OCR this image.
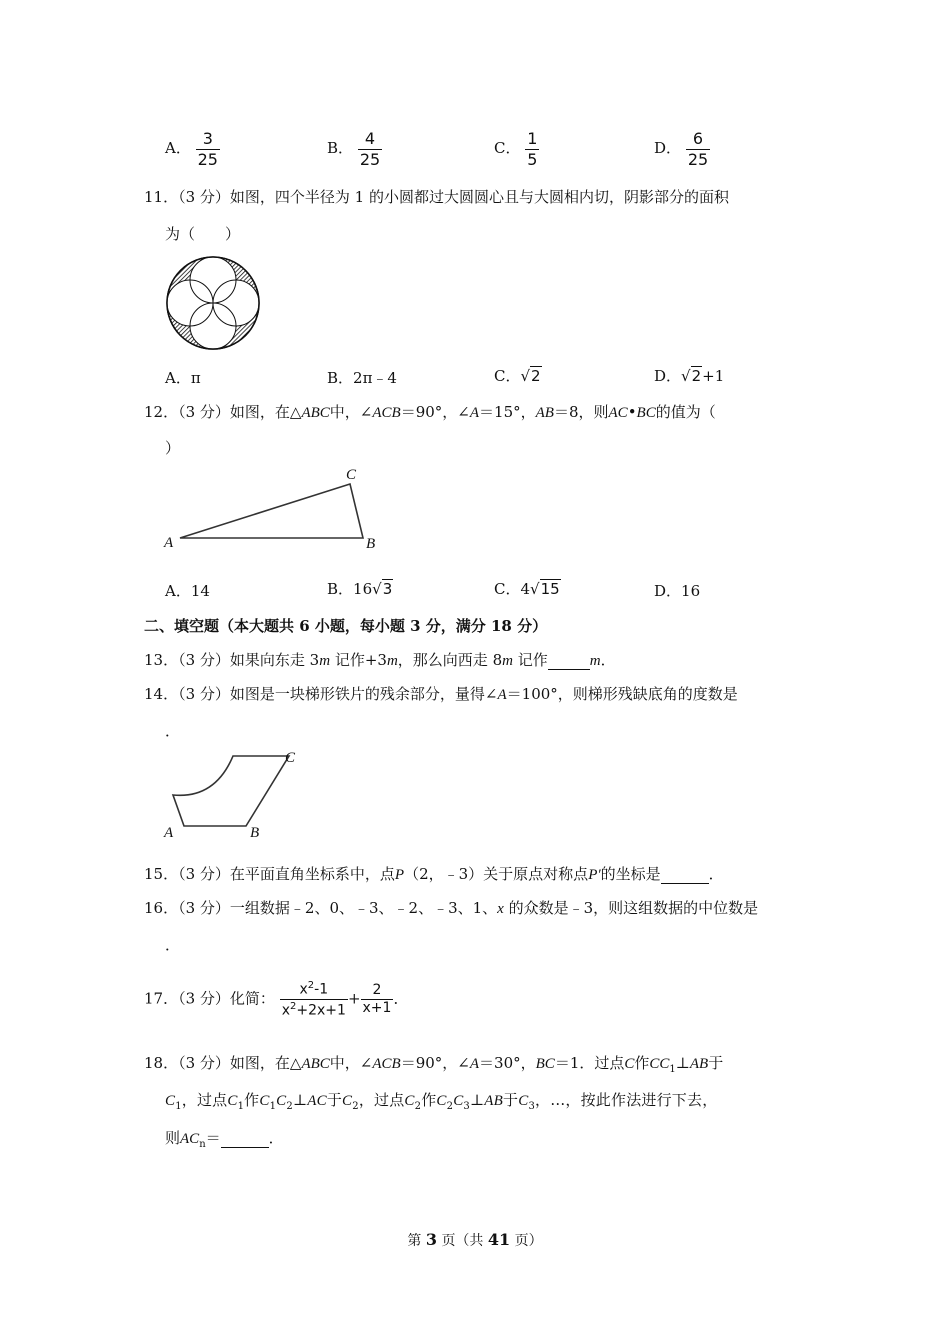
A． $\frac{3}{25}$	B． $\frac{4}{25}$	C． $\frac{1}{5}$	D． $\frac{6}{25}$
11．（3 分）如图，四个半径为 1 的小圆都过大圆圆心且与大圆相内切，阴影部分的面积
为（　　）
A．π	B．2π﹣4	C．√2	D．√2+1
12．（3 分）如图，在△ABC中，∠ACB＝90°，∠A＝15°，AB＝8，则AC•BC的值为（
）
A	B
C
A．14	B．16√3	C．4√15	D．16
二、填空题（本大题共 6 小题，每小题 3 分，满分 18 分）
13．（3 分）如果向东走 3m 记作+3m，那么向西走 8m 记作	m．
14．（3 分）如图是一块梯形铁片的残余部分，量得∠A＝100°，则梯形残缺底角的度数是
．
A	B
C
15．（3 分）在平面直角坐标系中，点P（2，﹣3）关于原点对称点P′的坐标是	．
16．（3 分）一组数据﹣2、0、﹣3、﹣2、﹣3、1、x 的众数是﹣3，则这组数据的中位数是
．
17．（3 分）化简： $\frac{x^2-1}{x^2+2x+1} + \frac{2}{x+1}$ ．
18．（3 分）如图，在△ABC中，∠ACB＝90°，∠A＝30°，BC＝1．过点C作$CC_1\perp AB$于
$C_1$，过点$C_1$作$C_1C_2\perp AC$于$C_2$，过点$C_2$作$C_2C_3\perp AB$于$C_3$，…，按此作法进行下去，
则$AC_n=$	．
第 3 页（共 41 页）
